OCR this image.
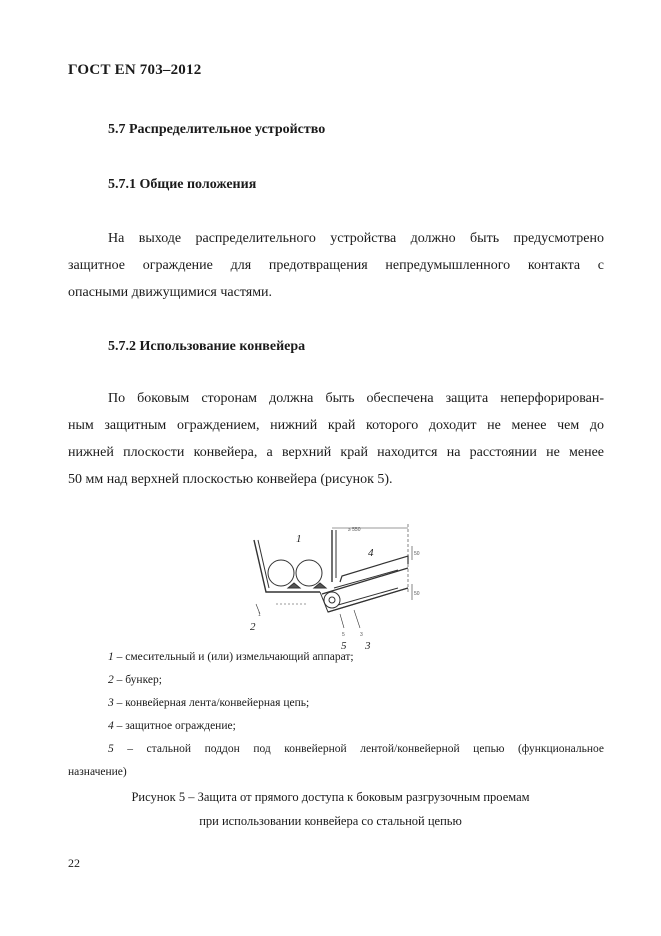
ГОСТ EN 703–2012
5.7 Распределительное устройство
5.7.1 Общие положения
На выходе распределительного устройства должно быть предусмотрено
защитное ограждение для предотвращения непредумышленного контакта с
опасными движущимися частями.
5.7.2 Использование конвейера
По боковым сторонам должна быть обеспечена защита неперфорирован-
ным защитным ограждением, нижний край которого доходит не менее чем до
нижней плоскости конвейера, а верхний край находится на расстоянии не менее
50 мм над верхней плоскостью конвейера (рисунок 5).
1
4
2
5 3
1
5	3
≥ 550
50
50
1 – смесительный и (или) измельчающий аппарат;
2 – бункер;
3 – конвейерная лента/конвейерная цепь;
4 – защитное ограждение;
5 – стальной поддон под конвейерной лентой/конвейерной цепью (функциональное
назначение)
Рисунок 5 – Защита от прямого доступа к боковым разгрузочным проемам
при использовании конвейера со стальной цепью
22
